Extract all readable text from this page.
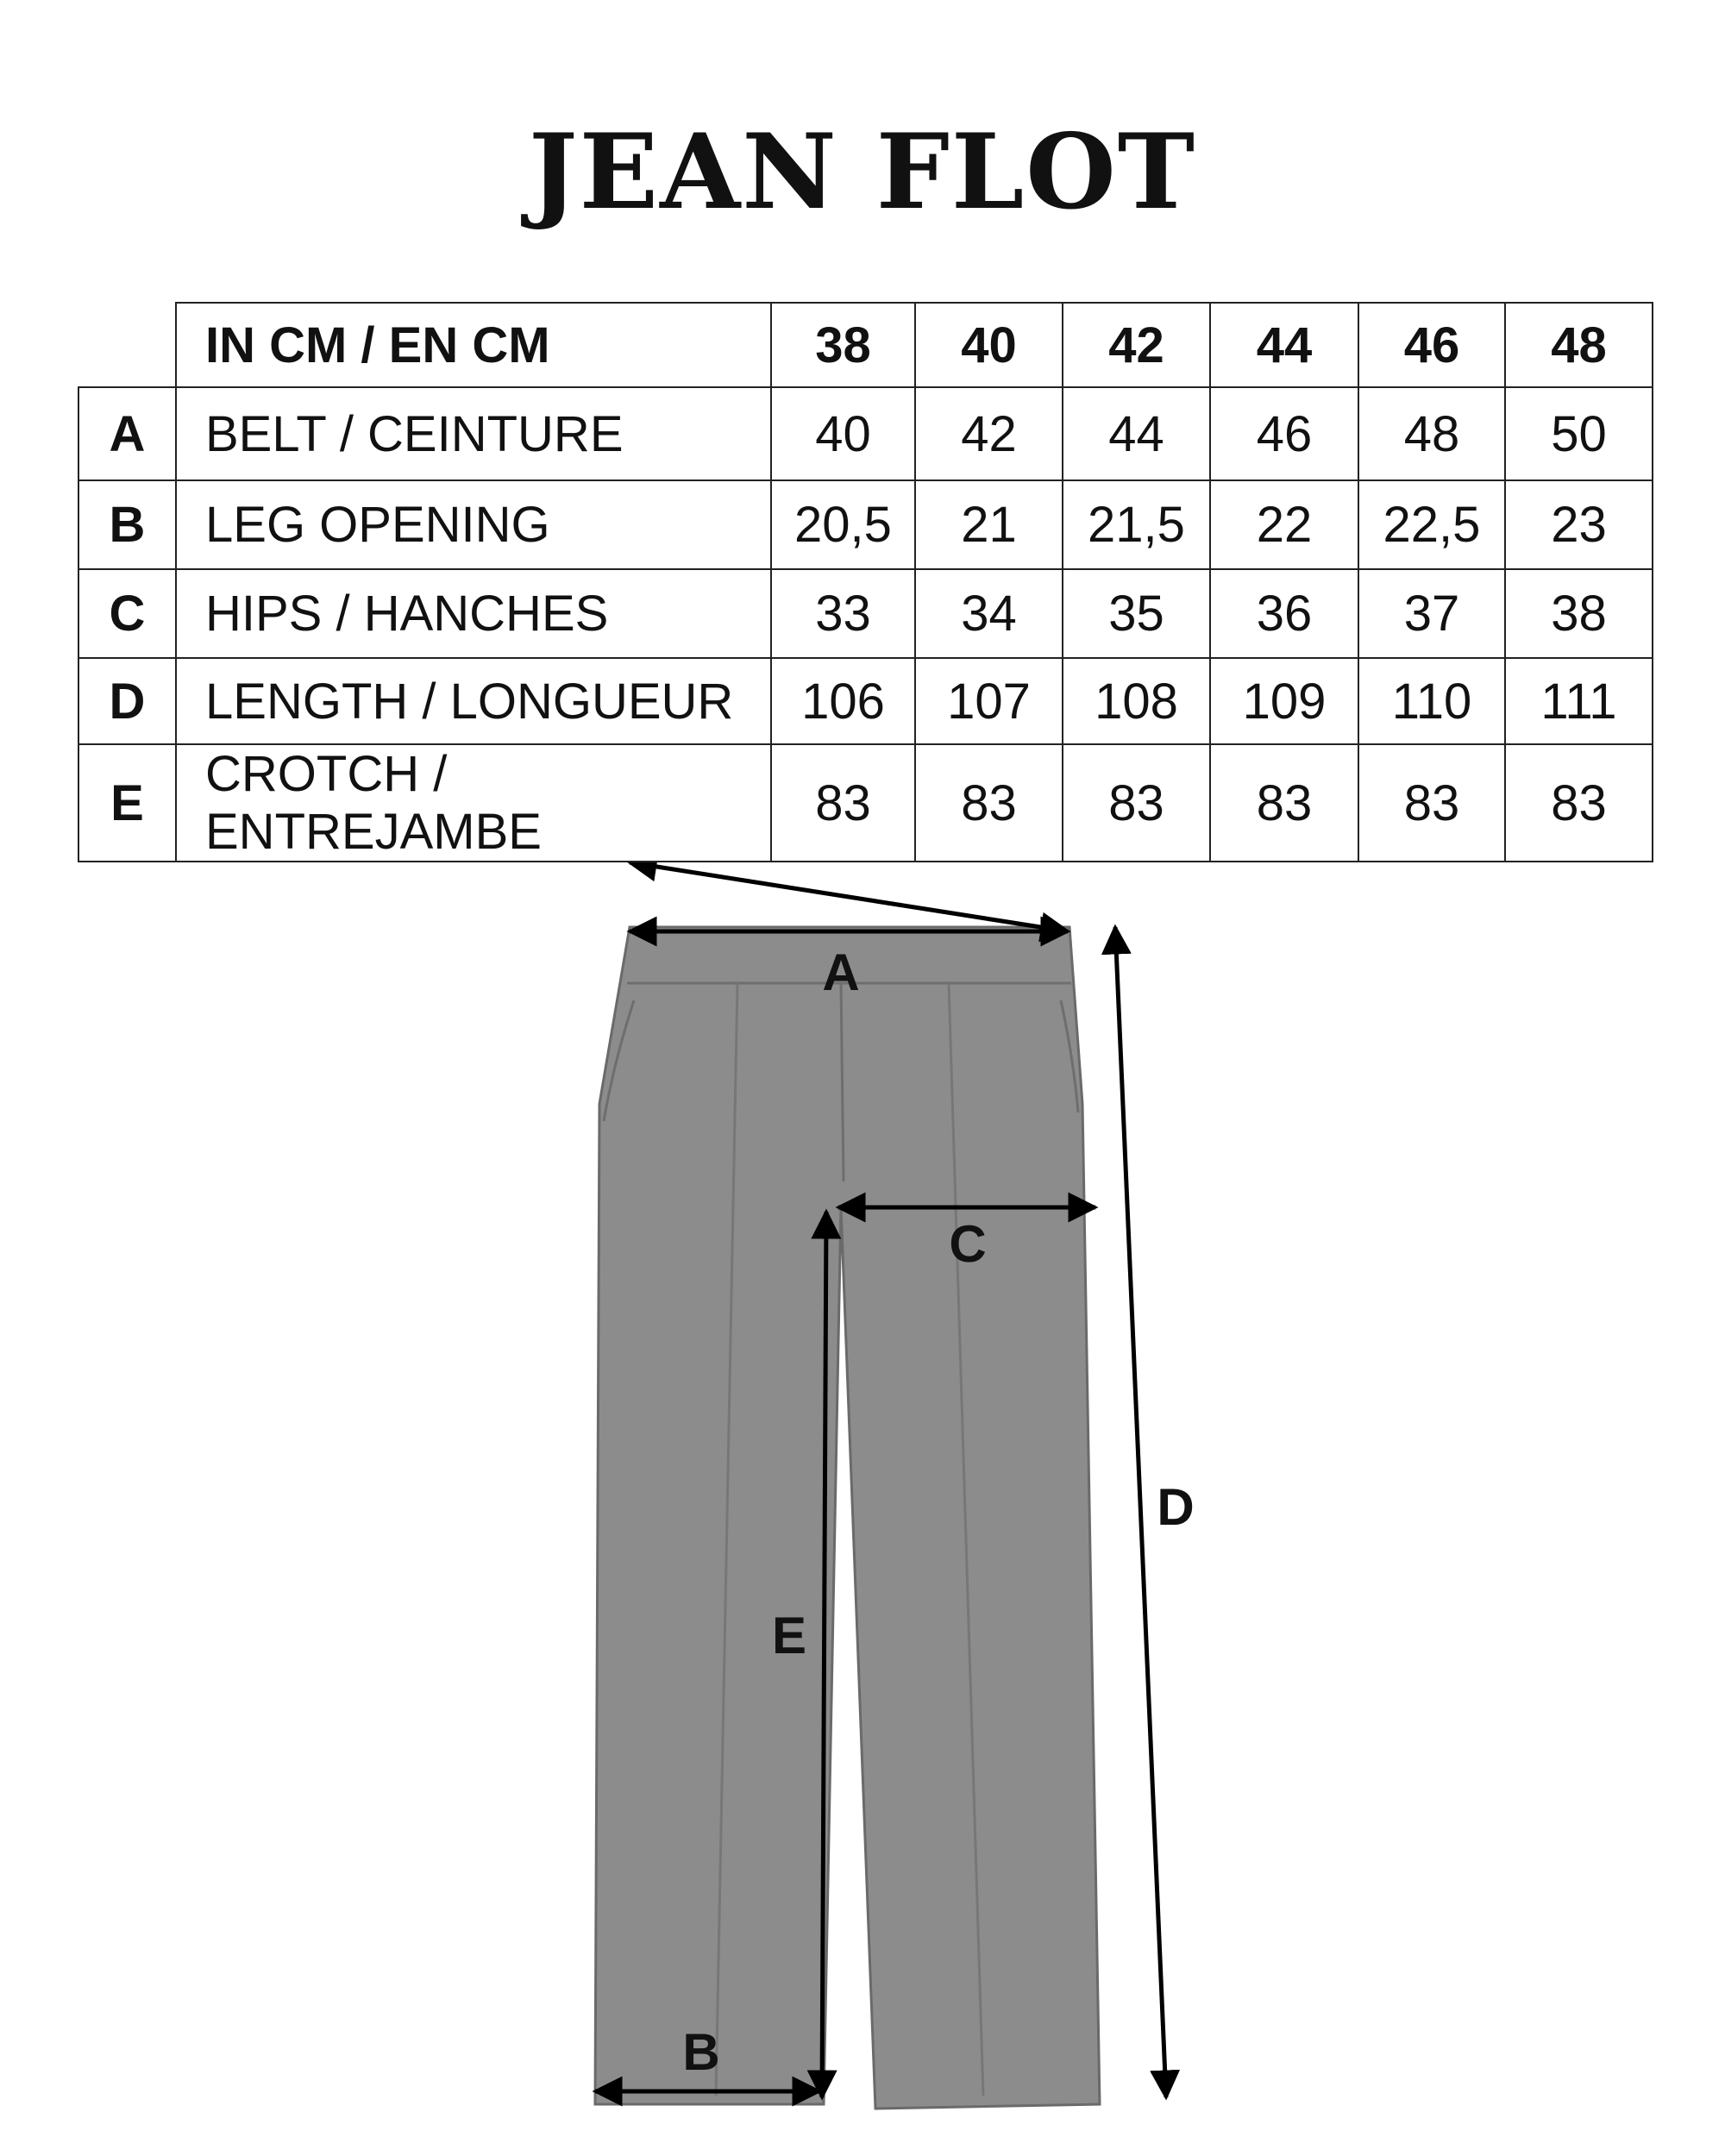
JEAN FLOT
	IN CM / EN CM	38	40	42	44	46	48
A	BELT / CEINTURE	40	42	44	46	48	50
B	LEG OPENING	20,5	21	21,5	22	22,5	23
C	HIPS / HANCHES	33	34	35	36	37	38
D	LENGTH / LONGUEUR	106	107	108	109	110	111
E	CROTCH / ENTREJAMBE	83	83	83	83	83	83
A
C
D
E
B
